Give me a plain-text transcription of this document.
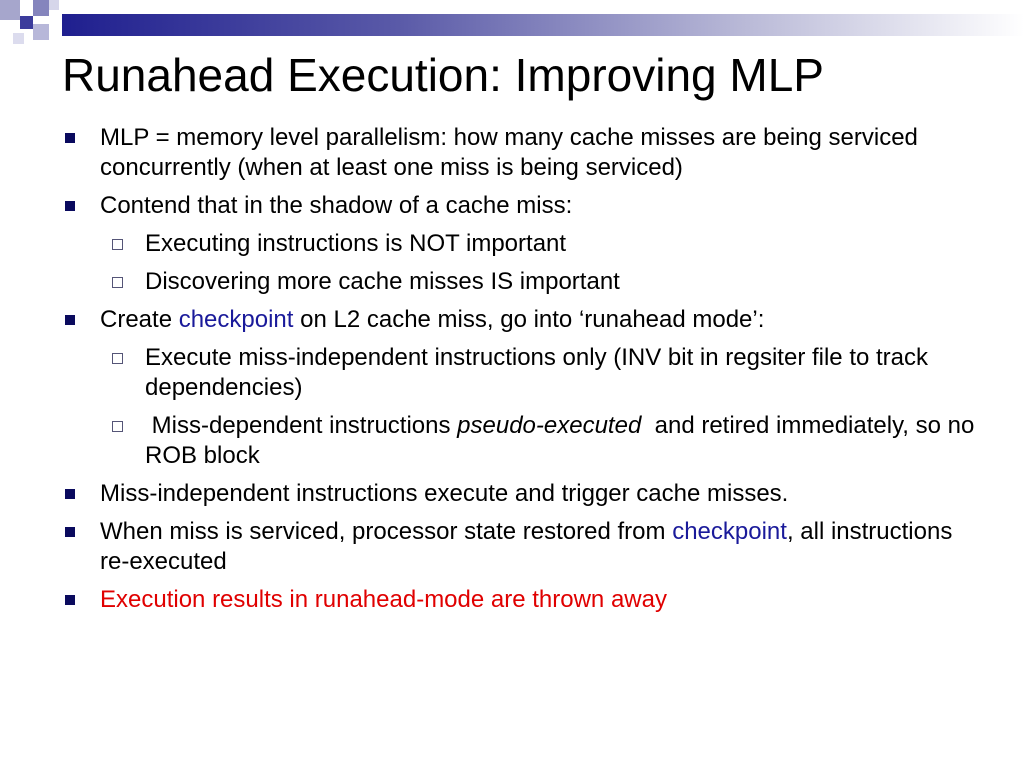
Runahead Execution: Improving MLP
MLP = memory level parallelism: how many cache misses are being serviced concurrently (when at least one miss is being serviced)
Contend that in the shadow of a cache miss:
Executing instructions is NOT important
Discovering more cache misses IS important
Create checkpoint on L2 cache miss, go into ‘runahead mode’:
Execute miss-independent instructions only (INV bit in regsiter file to track dependencies)
Miss-dependent instructions pseudo-executed  and retired immediately, so no ROB block
Miss-independent instructions execute and trigger cache misses.
When miss is serviced, processor state restored from checkpoint, all instructions re-executed
Execution results in runahead-mode are thrown away
